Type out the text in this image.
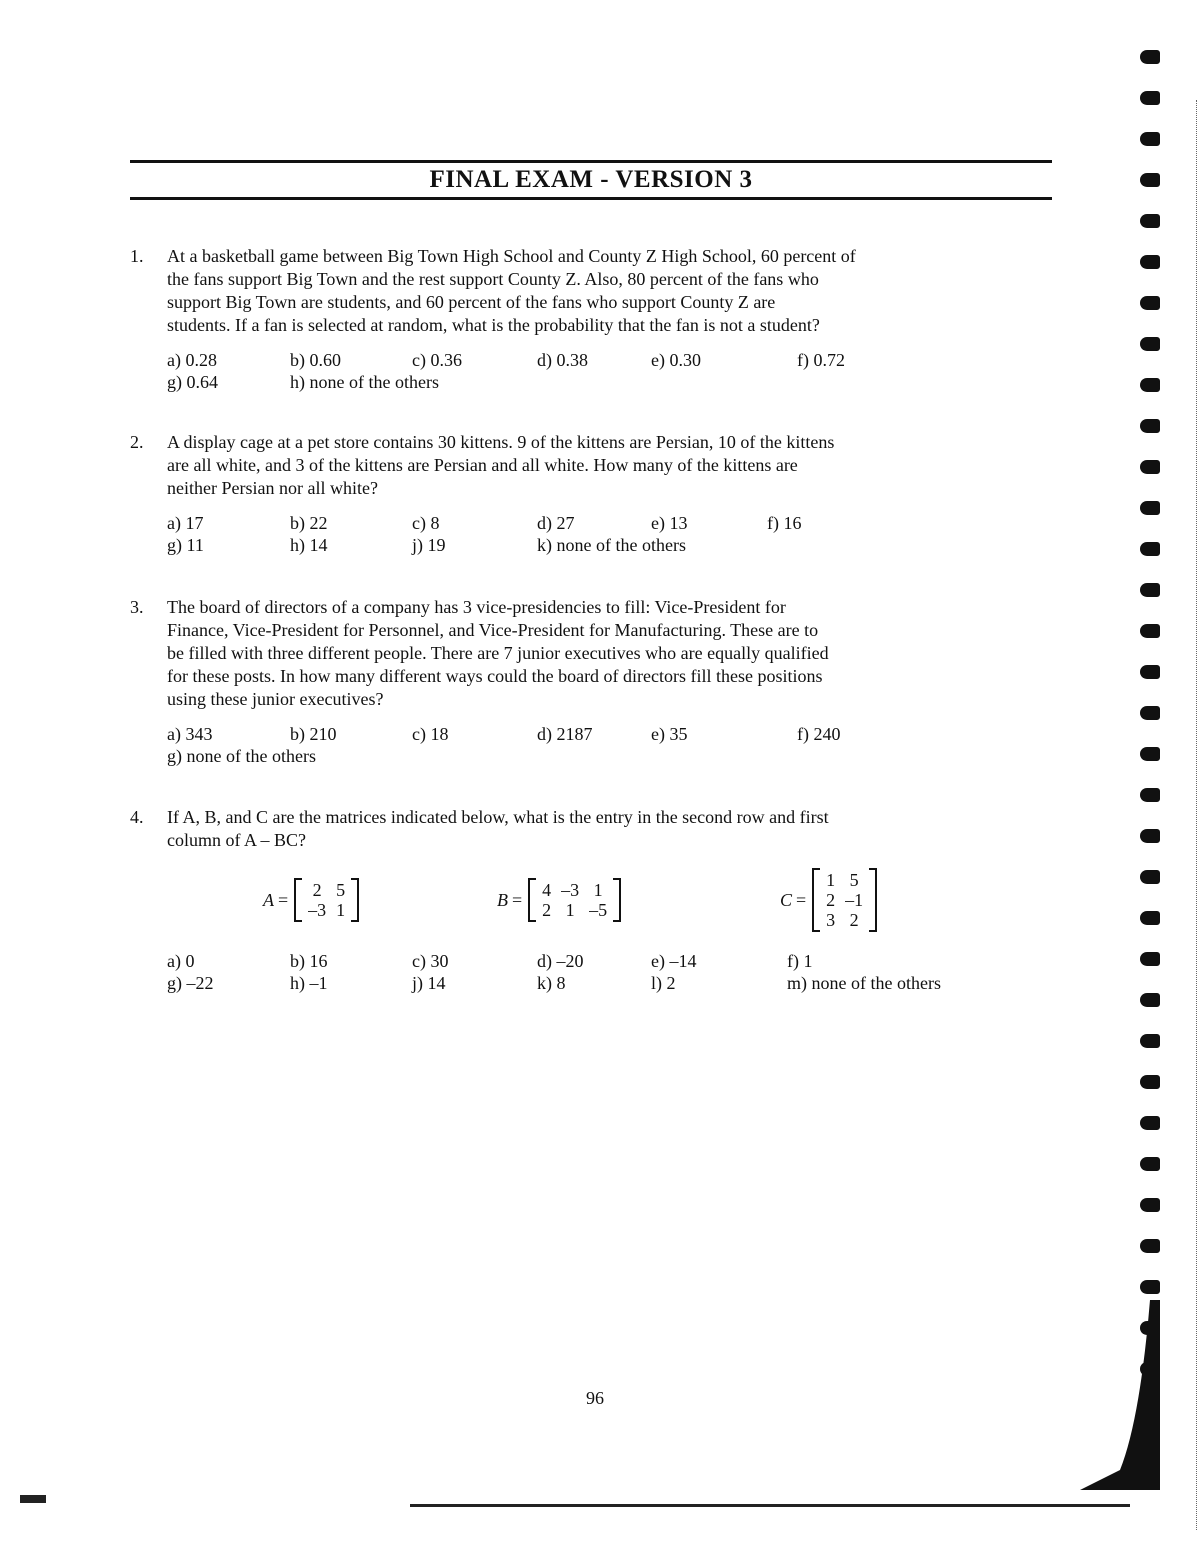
FINAL EXAM - VERSION 3
1. At a basketball game between Big Town High School and County Z High School, 60 percent of
the fans support Big Town and the rest support County Z. Also, 80 percent of the fans who
support Big Town are students, and 60 percent of the fans who support County Z are
students. If a fan is selected at random, what is the probability that the fan is not a student?
a) 0.28	b) 0.60	c) 0.36	d) 0.38	e) 0.30	f) 0.72
g) 0.64	h) none of the others
2. A display cage at a pet store contains 30 kittens. 9 of the kittens are Persian, 10 of the kittens
are all white, and 3 of the kittens are Persian and all white. How many of the kittens are
neither Persian nor all white?
a) 17	b) 22	c) 8	d) 27	e) 13	f) 16
g) 11	h) 14	j) 19	k) none of the others
3. The board of directors of a company has 3 vice-presidencies to fill: Vice-President for
Finance, Vice-President for Personnel, and Vice-President for Manufacturing. These are to
be filled with three different people. There are 7 junior executives who are equally qualified
for these posts. In how many different ways could the board of directors fill these positions
using these junior executives?
a) 343	b) 210	c) 18	d) 2187	e) 35	f) 240
g) none of the others
4. If A, B, and C are the matrices indicated below, what is the entry in the second row and first
column of A – BC?
A = 2 5
–3 1
B = 4 –3 1
2 1 –5
C =
1 5
2 –1
3 2
a) 0	b) 16	c) 30	d) –20	e) –14	f) 1
g) –22	h) –1	j) 14	k) 8	l) 2	m) none of the others
96
